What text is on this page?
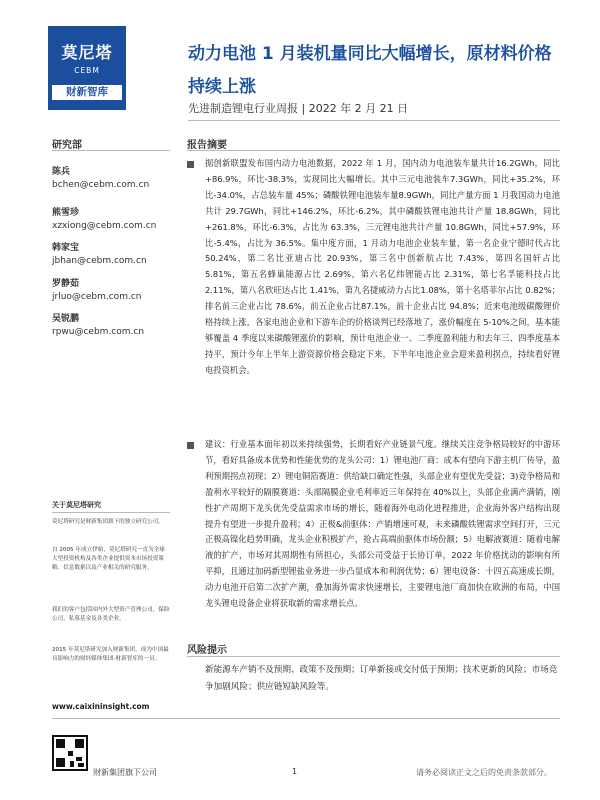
莫尼塔
CEBM
财新智库
动力电池 1 月装机量同比大幅增长，原材料价格持续上涨
先进制造锂电行业周报 | 2022 年 2 月 21 日
研究部
陈兵
bchen@cebm.com.cn
熊雪珍
xzxiong@cebm.com.cn
韩家宝
jbhan@cebm.com.cn
罗静茹
jrluo@cebm.com.cn
吴锐鹏
rpwu@cebm.com.cn
关于莫尼塔研究
莫尼塔研究是财新集团旗下的独立研究公司。
自 2005 年成立伊始，莫尼塔研究一直为全球大型投资机构及各类企业提供资本市场投资策略、信息数据以及产业相关的研究服务。
我们的客户包括国内外大型资产管理公司，保险公司，私募基金及各类企业。
2015 年莫尼塔研究加入财新集团，成为中国最具影响力的财经媒体集团-财新智库的一员。
www.caixininsight.com
报告摘要
据创新联盟发布国内动力电池数据，2022 年 1 月，国内动力电池装车量共计16.2GWh，同比+86.9%，环比-38.3%，实现同比大幅增长。其中三元电池装车7.3GWh，同比+35.2%，环比-34.0%，占总装车量 45%；磷酸铁锂电池装车量8.9GWh，同比产量方面 1 月我国动力电池共计 29.7GWh，同比+146.2%，环比-6.2%，其中磷酸铁锂电池共计产量 18.8GWh，同比+261.8%，环比-6.3%，占比为 63.3%，三元锂电池共计产量 10.8GWh，同比+57.9%，环比-5.4%，占比为 36.5%。集中度方面，1 月动力电池企业装车量，第一名企业宁德时代占比 50.24%，第二名比亚迪占比 20.93%，第三名中创新航占比 7.43%，第四名国轩占比 5.81%，第五名蜂巢能源占比 2.69%，第六名亿纬锂能占比 2.31%，第七名孚能科技占比 2.11%，第八名欣旺达占比 1.41%，第九名捷威动力占比1.08%，第十名塔菲尔占比 0.82%；排名前三企业占比 78.6%，前五企业占比87.1%，前十企业占比 94.8%；近来电池级碳酸锂价格持续上涨，各家电池企业和下游车企的价格谈判已经落地了，涨价幅度在 5-10%之间，基本能够覆盖 4 季度以来碳酸锂涨价的影响，预计电池企业一、二季度盈利能力和去年三、四季度基本持平，预计今年上半年上游资源价格会稳定下来，下半年电池企业会迎来盈利拐点，持续看好锂电投资机会。
建议：行业基本面年初以来持续强势，长期看好产业链景气度。继续关注竞争格局较好的中游环节，看好具备成本优势和性能优势的龙头公司：1）锂电池厂商：成本有望向下游主机厂传导，盈利预期拐点初现；2）锂电铜箔赛道：供给缺口确定性强，头部企业有望优先受益；3)竞争格局和盈利水平较好的隔膜赛道：头部隔膜企业毛利率近三年保持在 40%以上，头部企业满产满销，刚性扩产周期下龙头优先受益需求市场的增长，随着海外电动化进程推进，企业海外客户结构出现提升有望进一步提升盈利；4）正极&前驱体：产销增速可观，未来磷酸铁锂需求空间打开，三元正极高镍化趋势明确，龙头企业积极扩产，抢占高端前驱体市场份额；5）电解液赛道：随着电解液的扩产，市场对其周期性有所担心，头部公司受益于长协订单，2022 年价格扰动的影响有所平抑，且通过加码新型锂盐业务进一步凸显成本和利润优势；6）锂电设备：十四五高速成长期，动力电池开启第二次扩产潮，叠加海外需求快速增长，主要锂电池厂商加快在欧洲的布局，中国龙头锂电设备企业将获取新的需求增长点。
风险提示
新能源车产销不及预期、政策不及预期；订单新接或交付低于预期；技术更新的风险；市场竞争加剧风险；供应链短缺风险等。
财新集团旗下公司	1	请务必阅读正文之后的免责条款部分。
